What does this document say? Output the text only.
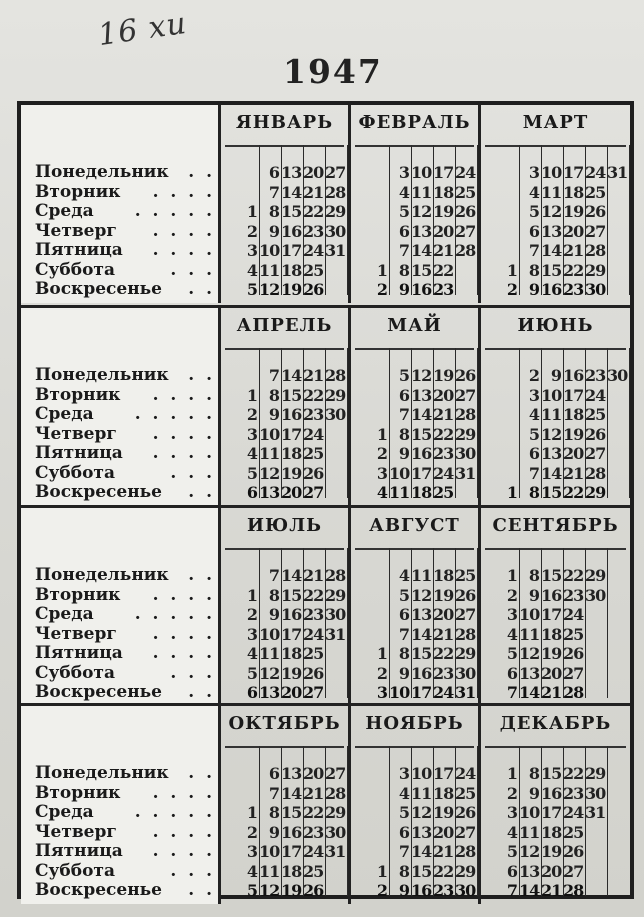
16 xu
1947
. .
Понедельник
. . . .
Вторник
. . . . .
Среда
. . . .
Четверг
. . . .
Пятница
. . .
Суббота
. .
Воскресенье
ЯНВАРЬ
1
2
3
4
5
6
7
8
9
10
11
12
13
14
15
16
17
18
19
20
21
22
23
24
25
26
27
28
29
30
31
ФЕВРАЛЬ
1
2
3
4
5
6
7
8
9
10
11
12
13
14
15
16
17
18
19
20
21
22
23
24
25
26
27
28
МАРТ
1
2
3
4
5
6
7
8
9
10
11
12
13
14
15
16
17
18
19
20
21
22
23
24
25
26
27
28
29
30
31
. .
Понедельник
. . . .
Вторник
. . . . .
Среда
. . . .
Четверг
. . . .
Пятница
. . .
Суббота
. .
Воскресенье
АПРЕЛЬ
1
2
3
4
5
6
7
8
9
10
11
12
13
14
15
16
17
18
19
20
21
22
23
24
25
26
27
28
29
30
МАЙ
1
2
3
4
5
6
7
8
9
10
11
12
13
14
15
16
17
18
19
20
21
22
23
24
25
26
27
28
29
30
31
ИЮНЬ
1
2
3
4
5
6
7
8
9
10
11
12
13
14
15
16
17
18
19
20
21
22
23
24
25
26
27
28
29
30
. .
Понедельник
. . . .
Вторник
. . . . .
Среда
. . . .
Четверг
. . . .
Пятница
. . .
Суббота
. .
Воскресенье
ИЮЛЬ
1
2
3
4
5
6
7
8
9
10
11
12
13
14
15
16
17
18
19
20
21
22
23
24
25
26
27
28
29
30
31
АВГУСТ
1
2
3
4
5
6
7
8
9
10
11
12
13
14
15
16
17
18
19
20
21
22
23
24
25
26
27
28
29
30
31
СЕНТЯБРЬ
1
2
3
4
5
6
7
8
9
10
11
12
13
14
15
16
17
18
19
20
21
22
23
24
25
26
27
28
29
30
. .
Понедельник
. . . .
Вторник
. . . . .
Среда
. . . .
Четверг
. . . .
Пятница
. . .
Суббота
. .
Воскресенье
ОКТЯБРЬ
1
2
3
4
5
6
7
8
9
10
11
12
13
14
15
16
17
18
19
20
21
22
23
24
25
26
27
28
29
30
31
НОЯБРЬ
1
2
3
4
5
6
7
8
9
10
11
12
13
14
15
16
17
18
19
20
21
22
23
24
25
26
27
28
29
30
ДЕКАБРЬ
1
2
3
4
5
6
7
8
9
10
11
12
13
14
15
16
17
18
19
20
21
22
23
24
25
26
27
28
29
30
31
